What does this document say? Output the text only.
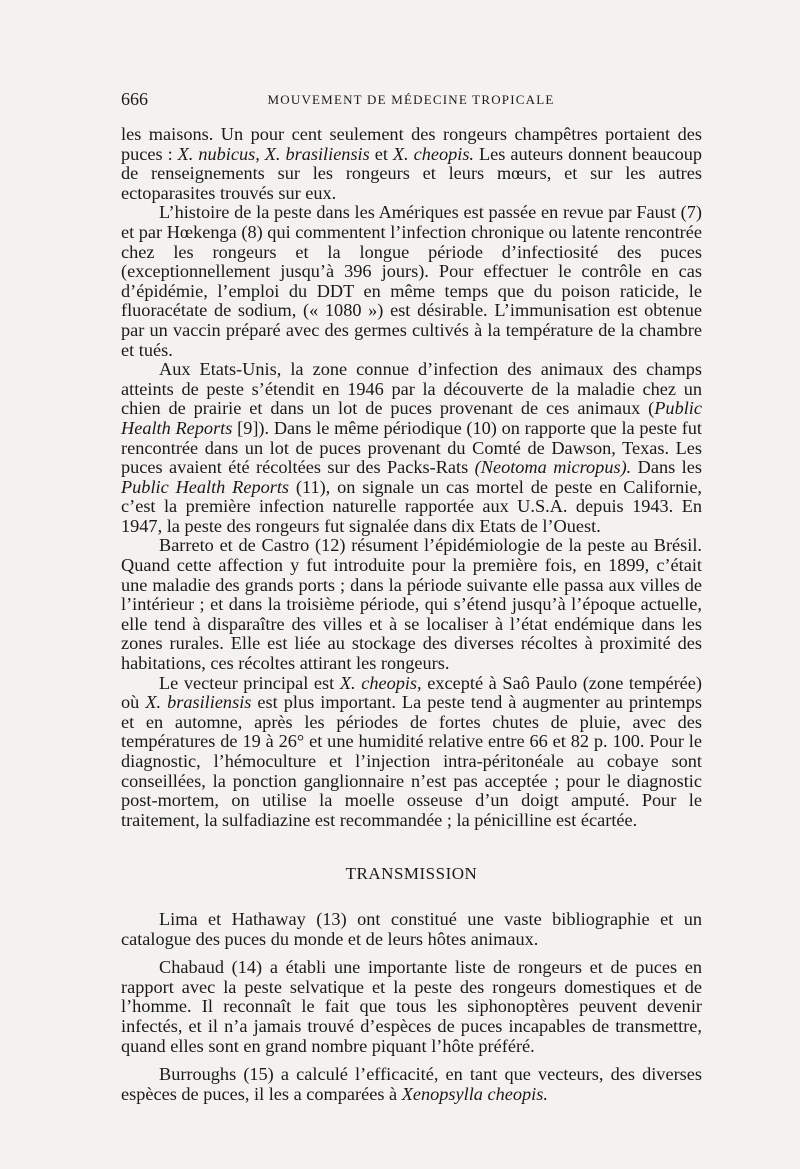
666	MOUVEMENT DE MÉDECINE TROPICALE

les maisons. Un pour cent seulement des rongeurs champêtres portaient des puces : X. nubicus, X. brasiliensis et X. cheopis. Les auteurs donnent beaucoup de renseignements sur les rongeurs et leurs mœurs, et sur les autres ectoparasites trouvés sur eux.

L’histoire de la peste dans les Amériques est passée en revue par Faust (7) et par Hœkenga (8) qui commentent l’infection chronique ou latente rencontrée chez les rongeurs et la longue période d’infectiosité des puces (exceptionnellement jusqu’à 396 jours). Pour effectuer le contrôle en cas d’épidémie, l’emploi du DDT en même temps que du poison raticide, le fluoracétate de sodium, (« 1080 ») est désirable. L’immunisation est obtenue par un vaccin préparé avec des germes cultivés à la température de la chambre et tués.

Aux Etats-Unis, la zone connue d’infection des animaux des champs atteints de peste s’étendit en 1946 par la découverte de la maladie chez un chien de prairie et dans un lot de puces provenant de ces animaux (Public Health Reports [9]). Dans le même périodique (10) on rapporte que la peste fut rencontrée dans un lot de puces provenant du Comté de Dawson, Texas. Les puces avaient été récoltées sur des Packs-Rats (Neotoma micropus). Dans les Public Health Reports (11), on signale un cas mortel de peste en Californie, c’est la première infection naturelle rapportée aux U.S.A. depuis 1943. En 1947, la peste des rongeurs fut signalée dans dix Etats de l’Ouest.

Barreto et de Castro (12) résument l’épidémiologie de la peste au Brésil. Quand cette affection y fut introduite pour la première fois, en 1899, c’était une maladie des grands ports ; dans la période suivante elle passa aux villes de l’intérieur ; et dans la troisième période, qui s’étend jusqu’à l’époque actuelle, elle tend à disparaître des villes et à se localiser à l’état endémique dans les zones rurales. Elle est liée au stockage des diverses récoltes à proximité des habitations, ces récoltes attirant les rongeurs.

Le vecteur principal est X. cheopis, excepté à Saô Paulo (zone tempérée) où X. brasiliensis est plus important. La peste tend à augmenter au printemps et en automne, après les périodes de fortes chutes de pluie, avec des températures de 19 à 26° et une humidité relative entre 66 et 82 p. 100. Pour le diagnostic, l’hémoculture et l’injection intra-péritonéale au cobaye sont conseillées, la ponction ganglionnaire n’est pas acceptée ; pour le diagnostic post-mortem, on utilise la moelle osseuse d’un doigt amputé. Pour le traitement, la sulfadiazine est recommandée ; la pénicilline est écartée.

TRANSMISSION

Lima et Hathaway (13) ont constitué une vaste bibliographie et un catalogue des puces du monde et de leurs hôtes animaux.

Chabaud (14) a établi une importante liste de rongeurs et de puces en rapport avec la peste selvatique et la peste des rongeurs domestiques et de l’homme. Il reconnaît le fait que tous les siphonoptères peuvent devenir infectés, et il n’a jamais trouvé d’espèces de puces incapables de transmettre, quand elles sont en grand nombre piquant l’hôte préféré.

Burroughs (15) a calculé l’efficacité, en tant que vecteurs, des diverses espèces de puces, il les a comparées à Xenopsylla cheopis.
